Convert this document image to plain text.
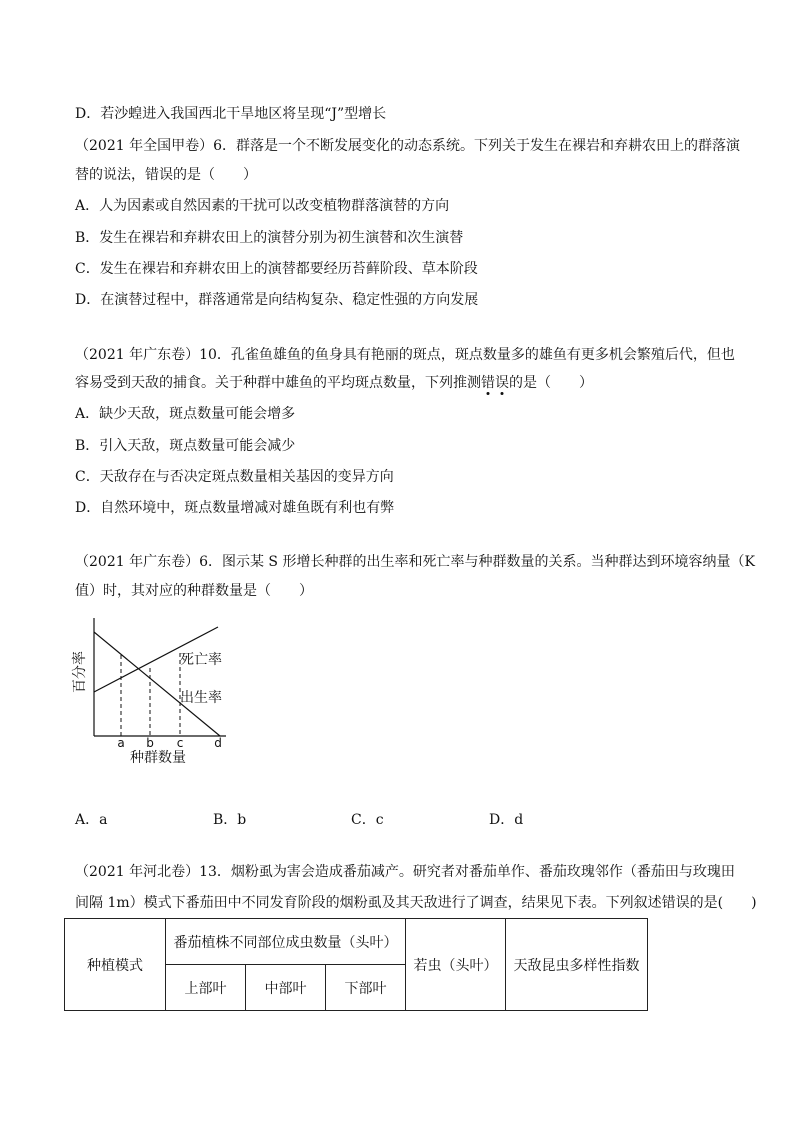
D．若沙蝗进入我国西北干旱地区将呈现“J”型增长
（2021 年全国甲卷）6．群落是一个不断发展变化的动态系统。下列关于发生在裸岩和弃耕农田上的群落演
替的说法，错误的是（　　）
A．人为因素或自然因素的干扰可以改变植物群落演替的方向
B．发生在裸岩和弃耕农田上的演替分别为初生演替和次生演替
C．发生在裸岩和弃耕农田上的演替都要经历苔藓阶段、草本阶段
D．在演替过程中，群落通常是向结构复杂、稳定性强的方向发展
（2021 年广东卷）10．孔雀鱼雄鱼的鱼身具有艳丽的斑点，斑点数量多的雄鱼有更多机会繁殖后代，但也
容易受到天敌的捕食。关于种群中雄鱼的平均斑点数量，下列推测错误的是（　　）
A．缺少天敌，斑点数量可能会增多
B．引入天敌，斑点数量可能会减少
C．天敌存在与否决定斑点数量相关基因的变异方向
D．自然环境中，斑点数量增减对雄鱼既有利也有弊
（2021 年广东卷）6．图示某 S 形增长种群的出生率和死亡率与种群数量的关系。当种群达到环境容纳量（K
值）时，其对应的种群数量是（　　）
a b c	d
死亡率
出生率
种群数量
百分率
A．a	B．b	C．c	D．d
（2021 年河北卷）13．烟粉虱为害会造成番茄减产。研究者对番茄单作、番茄玫瑰邻作（番茄田与玫瑰田
间隔 1m）模式下番茄田中不同发育阶段的烟粉虱及其天敌进行了调查，结果见下表。下列叙述错误的是(　　)
种植模式	番茄植株不同部位成虫数量（头叶）			若虫（头叶）	天敌昆虫多样性指数
	上部叶	中部叶	下部叶		
